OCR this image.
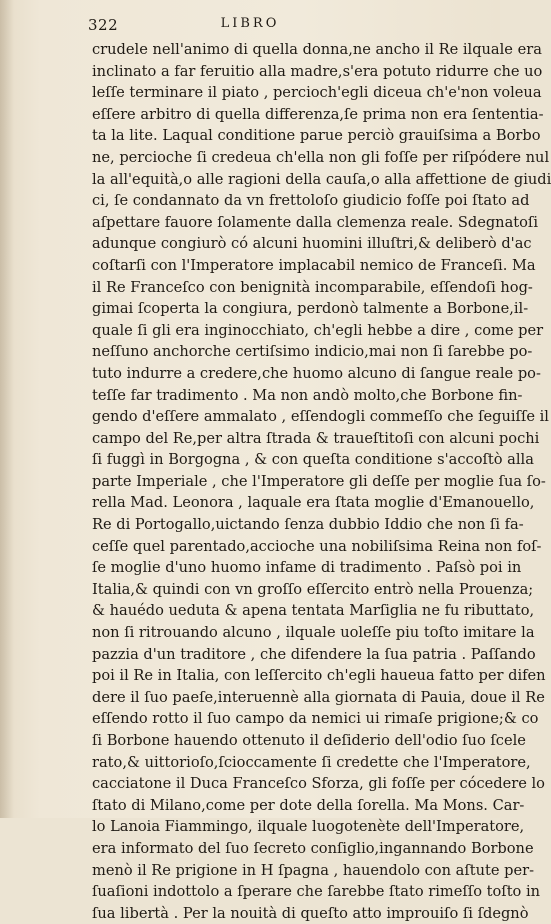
322	LIBRO
crudele nell'animo di quella donna,ne ancho il Re ilquale era
inclinato a far feruitio alla madre,s'era potuto ridurre che uo
leſſe terminare il piato , percioch'egli diceua ch'e'non voleua
eſſere arbitro di quella differenza,ſe prima non era ſententia-
ta la lite. Laqual conditione parue perciò grauiſsima a Borbo
ne, percioche ſi credeua ch'ella non gli foſſe per riſpódere nul
la all'equità,o alle ragioni della cauſa,o alla affettione de giudi
ci, ſe condannato da vn frettoloſo giudicio foſſe poi ſtato ad
aſpettare fauore ſolamente dalla clemenza reale. Sdegnatoſi
adunque congiurò có alcuni huomini illuſtri,& deliberò d'ac
coſtarſi con l'Imperatore implacabil nemico de Franceſi. Ma
il Re Franceſco con benignità incomparabile, eſſendoſi hog-
gimai ſcoperta la congiura, perdonò talmente a Borbone,il-
quale ſi gli era inginocchiato, ch'egli hebbe a dire , come per
neſſuno anchorche certiſsimo indicio,mai non ſi ſarebbe po-
tuto indurre a credere,che huomo alcuno di ſangue reale po-
teſſe far tradimento . Ma non andò molto,che Borbone fin-
gendo d'eſſere ammalato , eſſendogli commeſſo che ſeguiſſe il
campo del Re,per altra ſtrada & traueſtitoſi con alcuni pochi
ſi fuggì in Borgogna , & con queſta conditione s'accoſtò alla
parte Imperiale , che l'Imperatore gli deſſe per moglie ſua ſo-
rella Mad. Leonora , laquale era ſtata moglie d'Emanouello,
Re di Portogallo,uictando ſenza dubbio Iddio che non ſi fa-
ceſſe quel parentado,accioche una nobiliſsima Reina non foſ-
ſe moglie d'uno huomo infame di tradimento . Paſsò poi in
Italia,& quindi con vn groſſo eſſercito entrò nella Prouenza;
& hauédo ueduta & apena tentata Marſiglia ne fu ributtato,
non ſi ritrouando alcuno , ilquale uoleſſe piu toſto imitare la
pazzia d'un traditore , che difendere la ſua patria . Paſſando
poi il Re in Italia, con leſſercito ch'egli haueua fatto per difen
dere il ſuo paeſe,interuennè alla giornata di Pauia, doue il Re
eſſendo rotto il ſuo campo da nemici ui rimaſe prigione;& co
ſi Borbone hauendo ottenuto il deſiderio dell'odio ſuo ſcele
rato,& uittorioſo,ſcioccamente ſi credette che l'Imperatore,
cacciatone il Duca Franceſco Sforza, gli foſſe per cócedere lo
ſtato di Milano,come per dote della ſorella. Ma Mons. Car-
lo Lanoia Fiammingo, ilquale luogotenète dell'Imperatore,
era informato del ſuo ſecreto conſiglio,ingannando Borbone
menò il Re prigione in H ſpagna , hauendolo con aſtute per-
ſuaſioni indottolo a ſperare che ſarebbe ſtato rimeſſo toſto in
ſua libertà . Per la nouità di queſto atto improuiſo ſi ſdegnò
